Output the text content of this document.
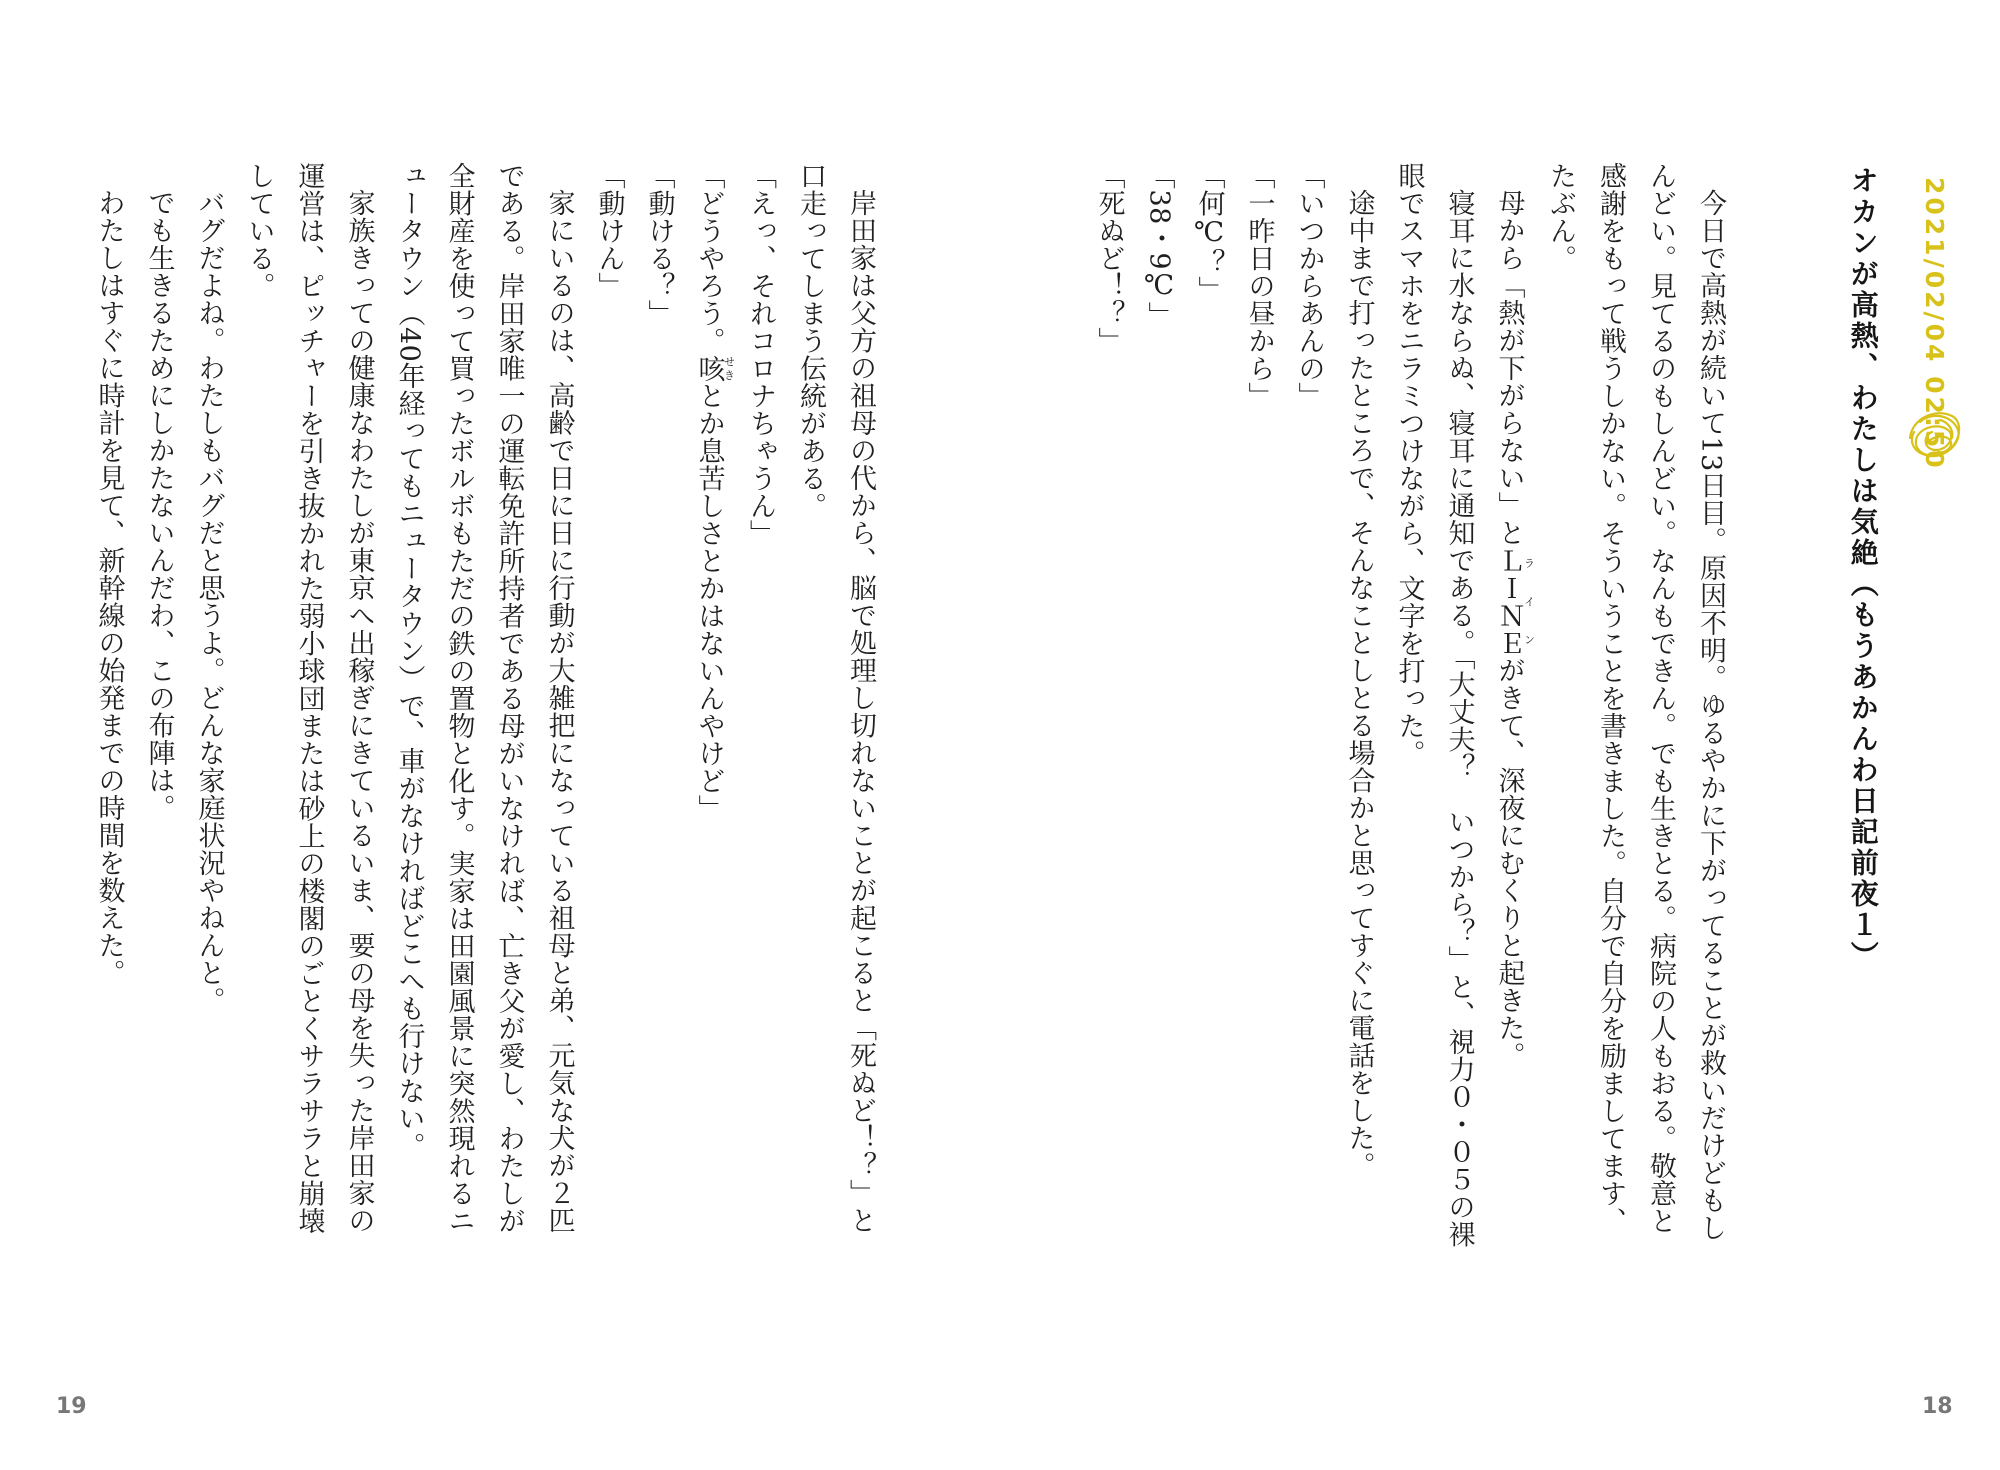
2021/02/04 02:50
オカンが高熱、わたしは気絶（もうあかんわ日記前夜１）

今日で高熱が続いて13日目。原因不明。ゆるやかに下がってることが救いだけどもしんどい。見てるのもしんどい。なんもできん。でも生きとる。病院の人もおる。敬意と感謝をもって戦うしかない。そういうことを書きました。自分で自分を励ましてます、たぶん。

母から「熱が下がらない」とＬＩＮＥラインがきて、深夜にむくりと起きた。

寝耳に水ならぬ、寝耳に通知である。「大丈夫？　いつから？」と、視力０・０５の裸眼でスマホをニラミつけながら、文字を打った。

途中まで打ったところで、そんなことしとる場合かと思ってすぐに電話をした。

「いつからあんの」

「一昨日の昼から」

「何℃？」

「38・9℃」

「死ぬど！？」

18

岸田家は父方の祖母の代から、脳で処理し切れないことが起こると「死ぬど！？」と口走ってしまう伝統がある。

「えっ、それコロナちゃうん」

「どうやろう。咳せきとか息苦しさとかはないんやけど」

「動ける？」

「動けん」

家にいるのは、高齢で日に日に行動が大雑把になっている祖母と弟、元気な犬が２匹である。岸田家唯一の運転免許所持者である母がいなければ、亡き父が愛し、わたしが全財産を使って買ったボルボもただの鉄の置物と化す。実家は田園風景に突然現れるニュータウン（40年経ってもニュータウン）で、車がなければどこへも行けない。

家族きっての健康なわたしが東京へ出稼ぎにきているいま、要の母を失った岸田家の運営は、ピッチャーを引き抜かれた弱小球団または砂上の楼閣のごとくサラサラと崩壊している。

バグだよね。わたしもバグだと思うよ。どんな家庭状況やねんと。

でも生きるためにしかたないんだわ、この布陣は。

わたしはすぐに時計を見て、新幹線の始発までの時間を数えた。

19
